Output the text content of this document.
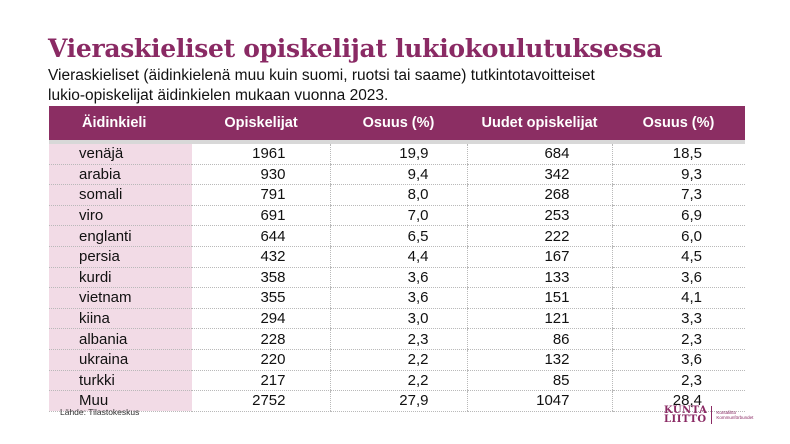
Vieraskieliset opiskelijat lukiokoulutuksessa
Vieraskieliset (äidinkielenä muu kuin suomi, ruotsi tai saame) tutkintotavoitteiset
lukio-opiskelijat äidinkielen mukaan vuonna 2023.
Äidinkieli	Opiskelijat	Osuus (%)	Uudet opiskelijat	Osuus (%)
venäjä	1961	19,9	684	18,5
arabia	930	9,4	342	9,3
somali	791	8,0	268	7,3
viro	691	7,0	253	6,9
englanti	644	6,5	222	6,0
persia	432	4,4	167	4,5
kurdi	358	3,6	133	3,6
vietnam	355	3,6	151	4,1
kiina	294	3,0	121	3,3
albania	228	2,3	86	2,3
ukraina	220	2,2	132	3,6
turkki	217	2,2	85	2,3
Muu	2752	27,9	1047	28,4
Lähde: Tilastokeskus	KUNTA
LIITTO
Kuntaliitto
Kommunförbundet
